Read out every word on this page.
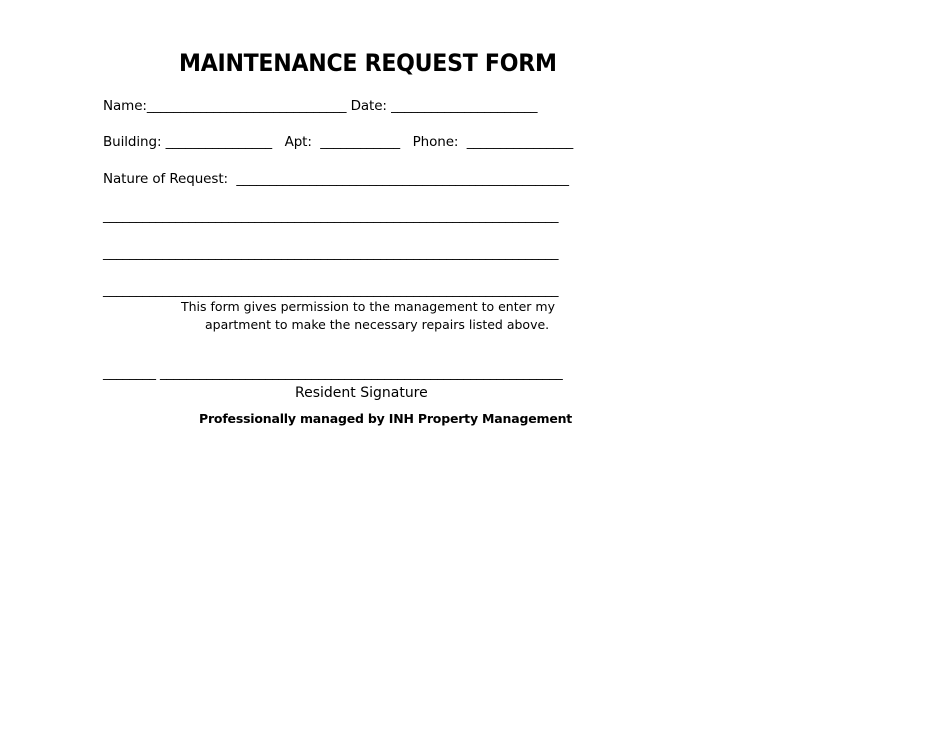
MAINTENANCE REQUEST FORM
Name:______________________________ Date: ______________________
Building: ________________   Apt:  ____________   Phone:  ________________
Nature of Request:  __________________________________________________
_____________________________________________________________________
_____________________________________________________________________
_____________________________________________________________________
This form gives permission to the management to enter my
apartment to make the necessary repairs listed above.
________ _____________________________________________________________
Resident Signature
Professionally managed by INH Property Management
